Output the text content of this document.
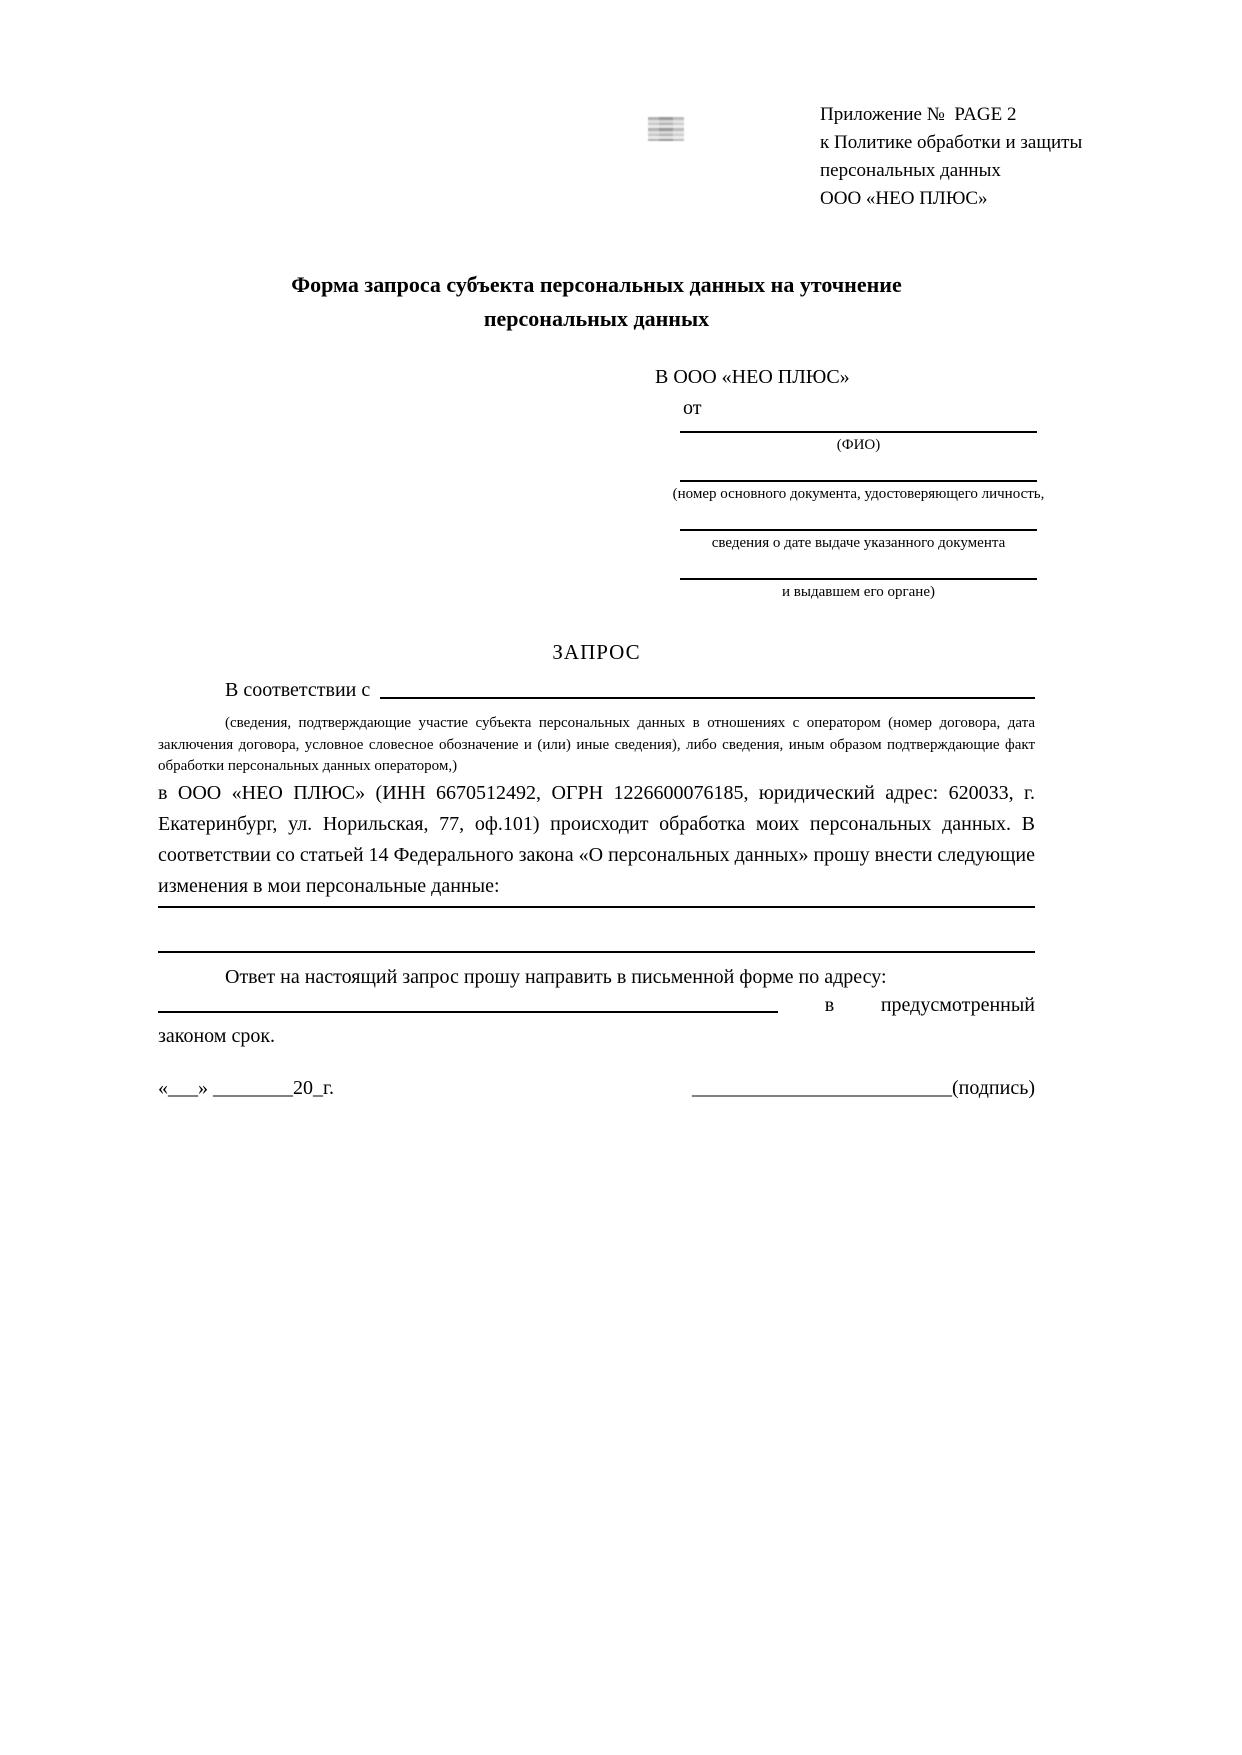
Приложение №  PAGE 2
к Политике обработки и защиты
персональных данных
ООО «НЕО ПЛЮС»
Форма запроса субъекта персональных данных на уточнение
персональных данных
В ООО «НЕО ПЛЮС»
от
(ФИО)
(номер основного документа, удостоверяющего личность,
сведения о дате выдаче указанного документа
и выдавшем его органе)
ЗАПРОС
В соответствии с
(сведения, подтверждающие участие субъекта персональных данных в отношениях с оператором (номер договора, дата заключения договора, условное словесное обозначение и (или) иные сведения), либо сведения, иным образом подтверждающие факт обработки персональных данных оператором,)
в ООО «НЕО ПЛЮС» (ИНН 6670512492, ОГРН 1226600076185, юридический адрес: 620033, г. Екатеринбург, ул. Норильская, 77, оф.101) происходит обработка моих персональных данных. В соответствии со статьей 14 Федерального закона «О персональных данных» прошу внести следующие изменения в мои персональные данные:
Ответ на настоящий запрос прошу направить в письменной форме по адресу:
в предусмотренный
законом срок.
«___» ________20_г.	__________________________(подпись)
